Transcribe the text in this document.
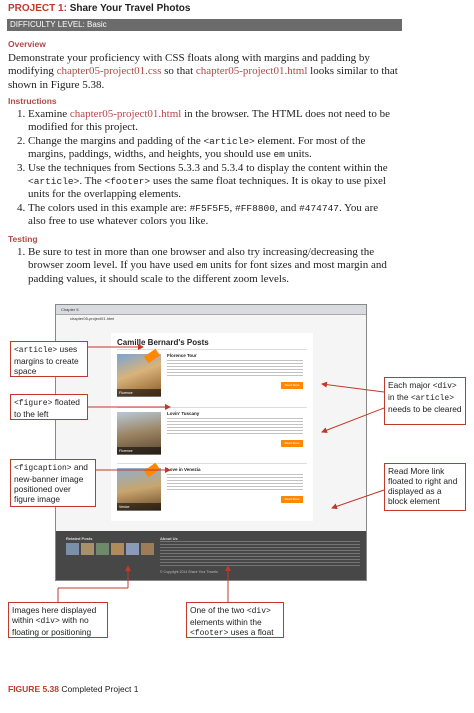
PROJECT 1: Share Your Travel Photos
DIFFICULTY LEVEL: Basic
Overview

Demonstrate your proficiency with CSS floats along with margins and padding by modifying chapter05-project01.css so that chapter05-project01.html looks similar to that shown in Figure 5.38.

Instructions
1. Examine chapter05-project01.html in the browser. The HTML does not need to be modified for this project.
2. Change the margins and padding of the <article> element. For most of the margins, paddings, widths, and heights, you should use em units.
3. Use the techniques from Sections 5.3.3 and 5.3.4 to display the content within the <article>. The <footer> uses the same float techniques. It is okay to use pixel units for the overlapping elements.
4. The colors used in this example are: #F5F5F5, #FF8800, and #474747. You are also free to use whatever colors you like.
Testing
1. Be sure to test in more than one browser and also try increasing/decreasing the browser zoom level. If you have used em units for font sizes and most margin and padding values, it should scale to the different zoom levels.
Chapter 5
chapter05-project01.html
Camille Bernard's Posts
Florence
Florence Tour
Read More
Florence
Lovin' Tuscany
Read More
Venice
Love in Venezia
Read More
Related Posts	About Us
© Copyright 2014 Share Your Travels
<article> uses margins to create space
<figure> floated to the left
<figcaption> and new-banner image positioned over figure image
Each major <div> in the <article> needs to be cleared
Read More link floated to right and displayed as a block element
Images here displayed within <div> with no floating or positioning
One of the two <div> elements within the <footer> uses a float
FIGURE 5.38 Completed Project 1
